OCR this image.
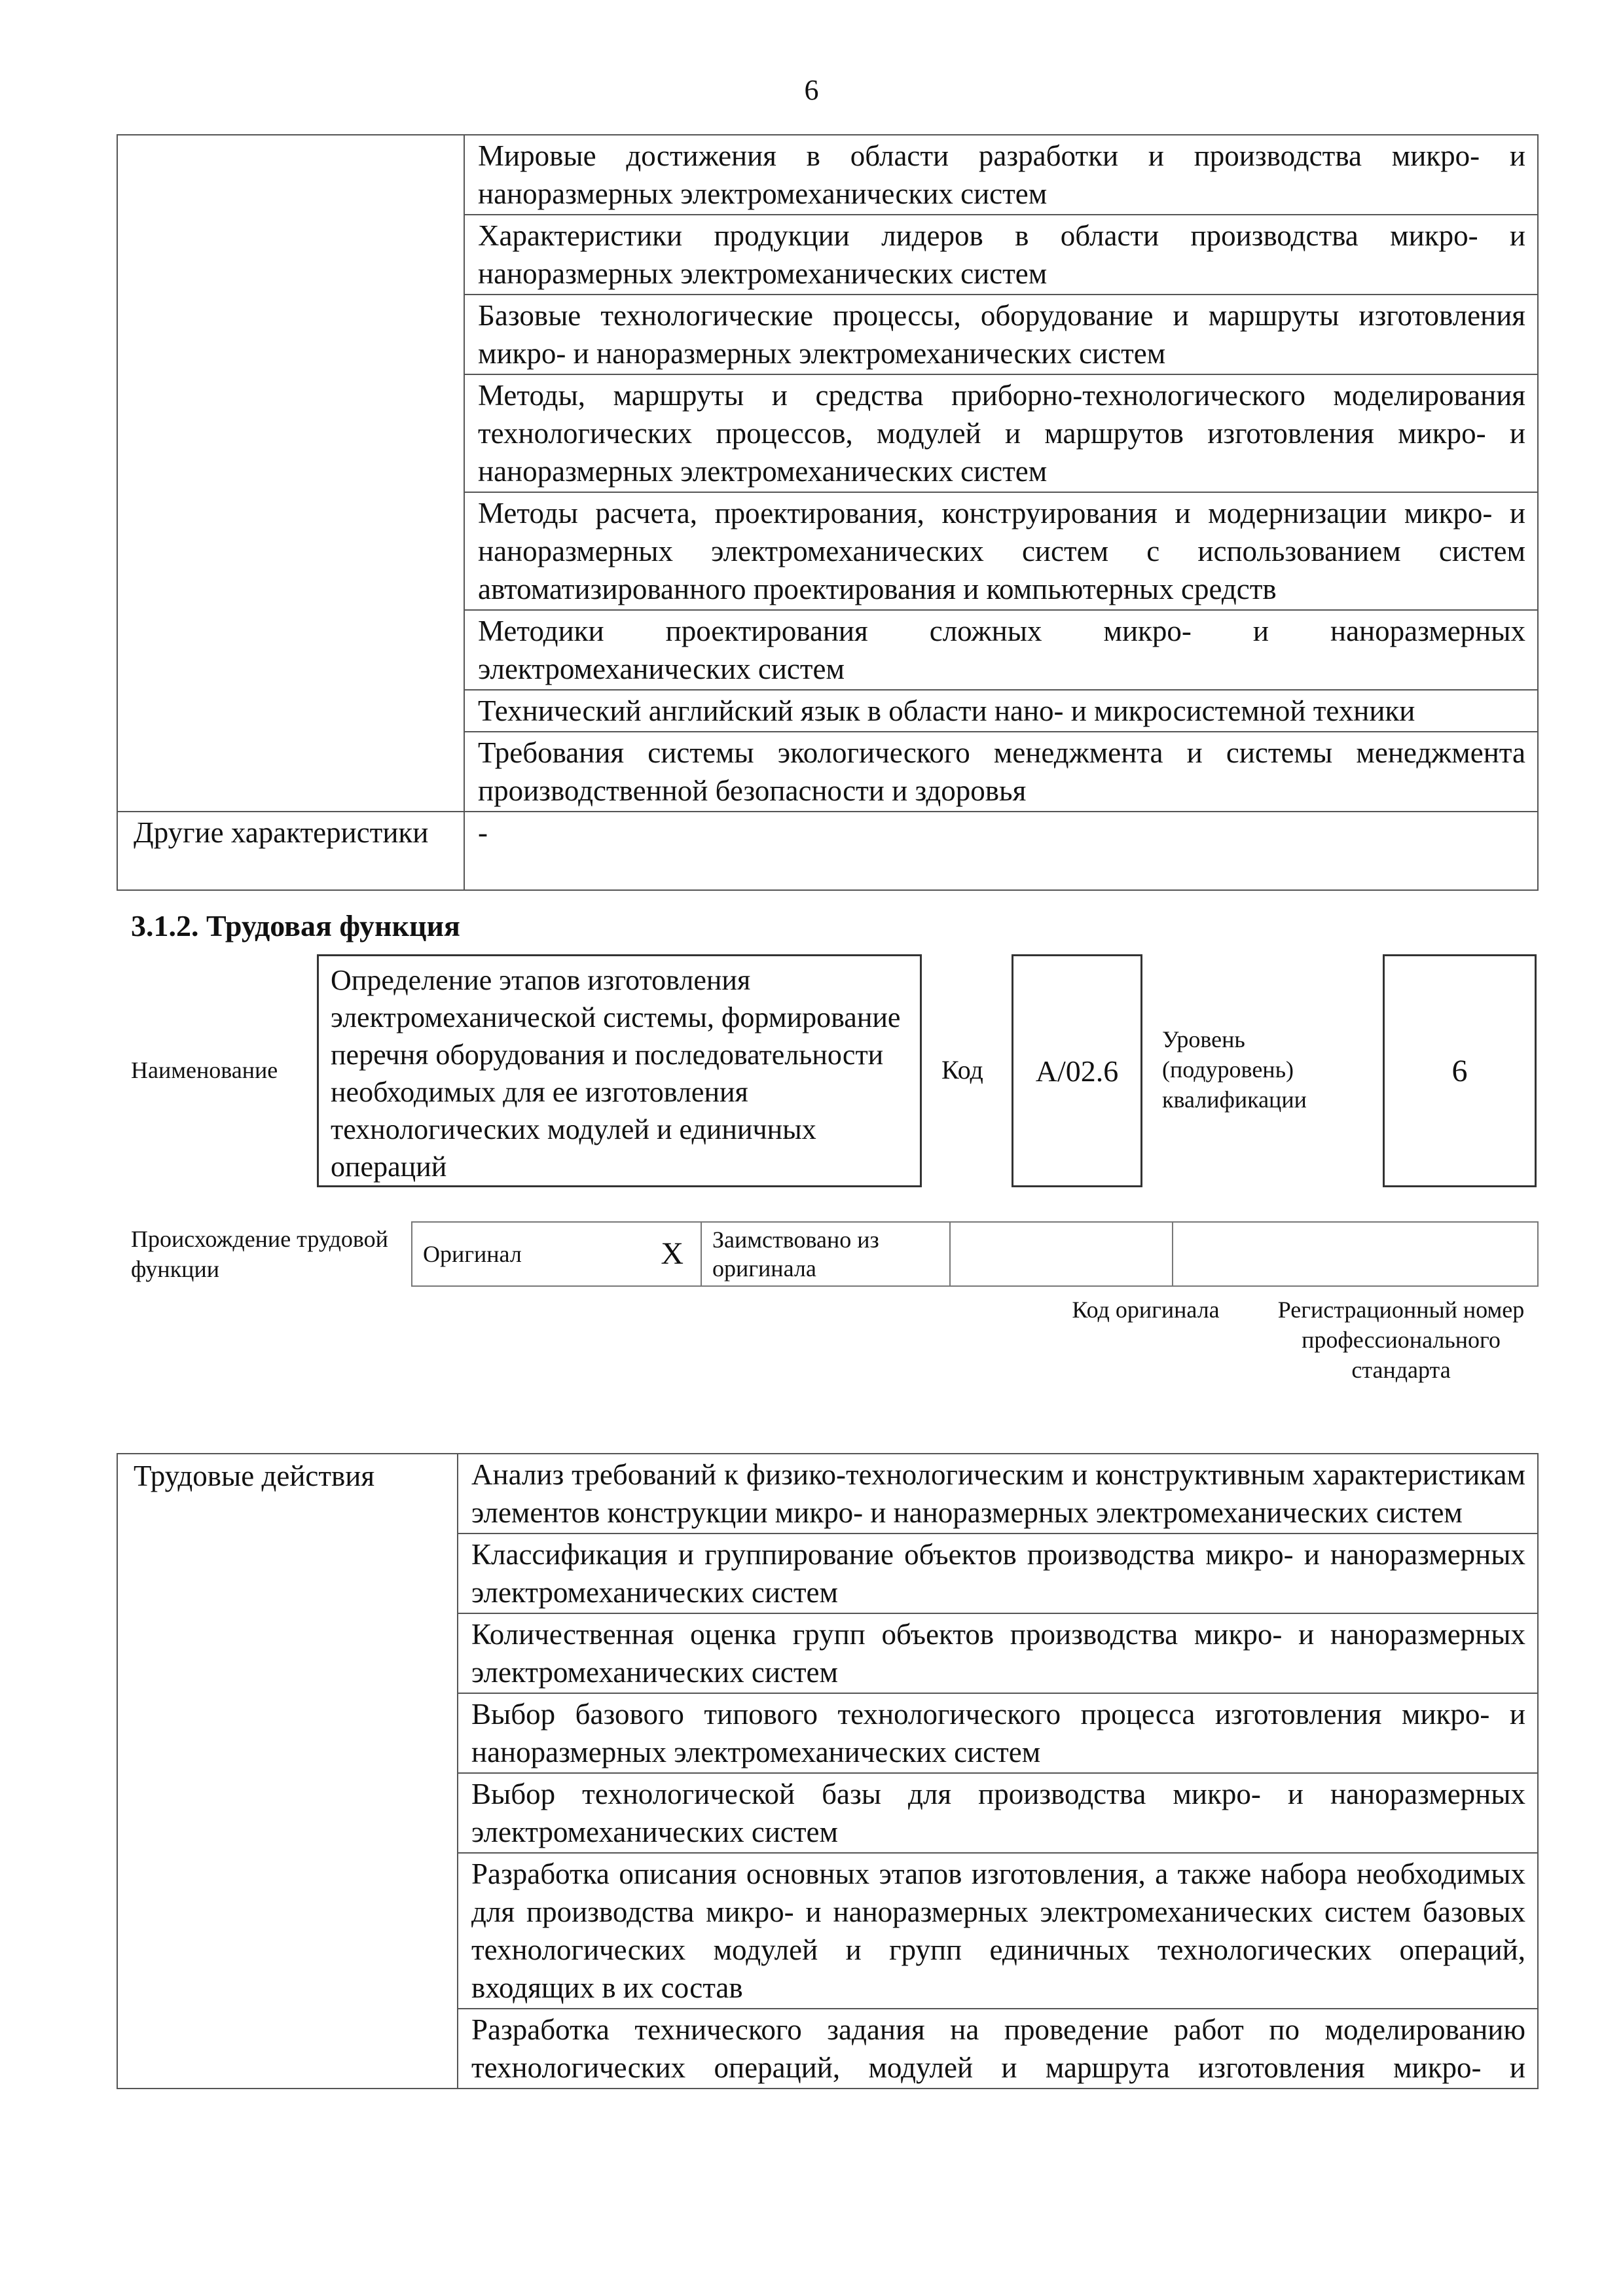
6
	Мировые достижения в области разработки и производства микро- и наноразмерных электромеханических систем
	Характеристики продукции лидеров в области производства микро- и наноразмерных электромеханических систем
	Базовые технологические процессы, оборудование и маршруты изготовления микро- и наноразмерных электромеханических систем
	Методы, маршруты и средства приборно-технологического моделирования технологических процессов, модулей и маршрутов изготовления микро- и наноразмерных электромеханических систем
	Методы расчета, проектирования, конструирования и модернизации микро- и наноразмерных электромеханических систем с использованием систем автоматизированного проектирования и компьютерных средств
	Методики проектирования сложных микро- и наноразмерных электромеханических систем
	Технический английский язык в области нано- и микросистемной техники
	Требования системы экологического менеджмента и системы менеджмента производственной безопасности и здоровья
Другие характеристики	-
3.1.2. Трудовая функция
Наименование
Определение этапов изготовления электромеханической системы, формирование перечня оборудования и последовательности необходимых для ее изготовления технологических модулей и единичных операций
Код A/02.6
Уровень (подуровень) квалификации
6
Происхождение трудовой функции
Оригинал	X	Заимствовано из оригинала		
Код оригинала	Регистрационный номер профессионального стандарта
Трудовые действия	Анализ требований к физико-технологическим и конструктивным характеристикам элементов конструкции микро- и наноразмерных электромеханических систем
Классификация и группирование объектов производства микро- и наноразмерных электромеханических систем
Количественная оценка групп объектов производства микро- и наноразмерных электромеханических систем
Выбор базового типового технологического процесса изготовления микро- и наноразмерных электромеханических систем
Выбор технологической базы для производства микро- и наноразмерных электромеханических систем
Разработка описания основных этапов изготовления, а также набора необходимых для производства микро- и наноразмерных электромеханических систем базовых технологических модулей и групп единичных технологических операций, входящих в их состав
Разработка технического задания на проведение работ по моделированию технологических операций, модулей и маршрута изготовления микро- и
